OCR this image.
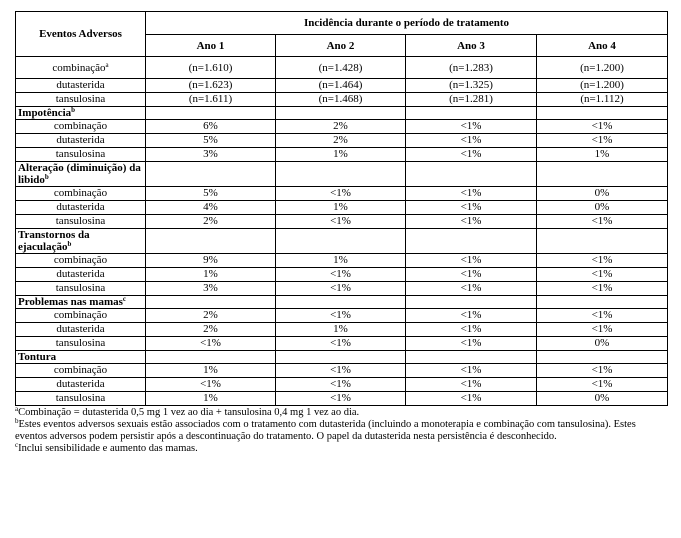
Eventos Adversos	Incidência durante o período de tratamento			
	Ano 1	Ano 2	Ano 3	Ano 4
combinação$^a$	(n=1.610)	(n=1.428)	(n=1.283)	(n=1.200)
dutasterida	(n=1.623)	(n=1.464)	(n=1.325)	(n=1.200)
tansulosina	(n=1.611)	(n=1.468)	(n=1.281)	(n=1.112)
Impotência$^b$				
combinação	6%	2%	<1%	<1%
dutasterida	5%	2%	<1%	<1%
tansulosina	3%	1%	<1%	1%
Alteração (diminuição) da libido$^b$				
combinação	5%	<1%	<1%	0%
dutasterida	4%	1%	<1%	0%
tansulosina	2%	<1%	<1%	<1%
Transtornos da ejaculação$^b$				
combinação	9%	1%	<1%	<1%
dutasterida	1%	<1%	<1%	<1%
tansulosina	3%	<1%	<1%	<1%
Problemas nas mamas$^c$				
combinação	2%	<1%	<1%	<1%
dutasterida	2%	1%	<1%	<1%
tansulosina	<1%	<1%	<1%	0%
Tontura				
combinação	1%	<1%	<1%	<1%
dutasterida	<1%	<1%	<1%	<1%
tansulosina	1%	<1%	<1%	0%
$^a$Combinação = dutasterida 0,5 mg 1 vez ao dia + tansulosina 0,4 mg 1 vez ao dia.
$^b$Estes eventos adversos sexuais estão associados com o tratamento com dutasterida (incluindo a monoterapia e combinação com tansulosina). Estes eventos adversos podem persistir após a descontinuação do tratamento. O papel da dutasterida nesta persistência é desconhecido.
$^c$Inclui sensibilidade e aumento das mamas.
